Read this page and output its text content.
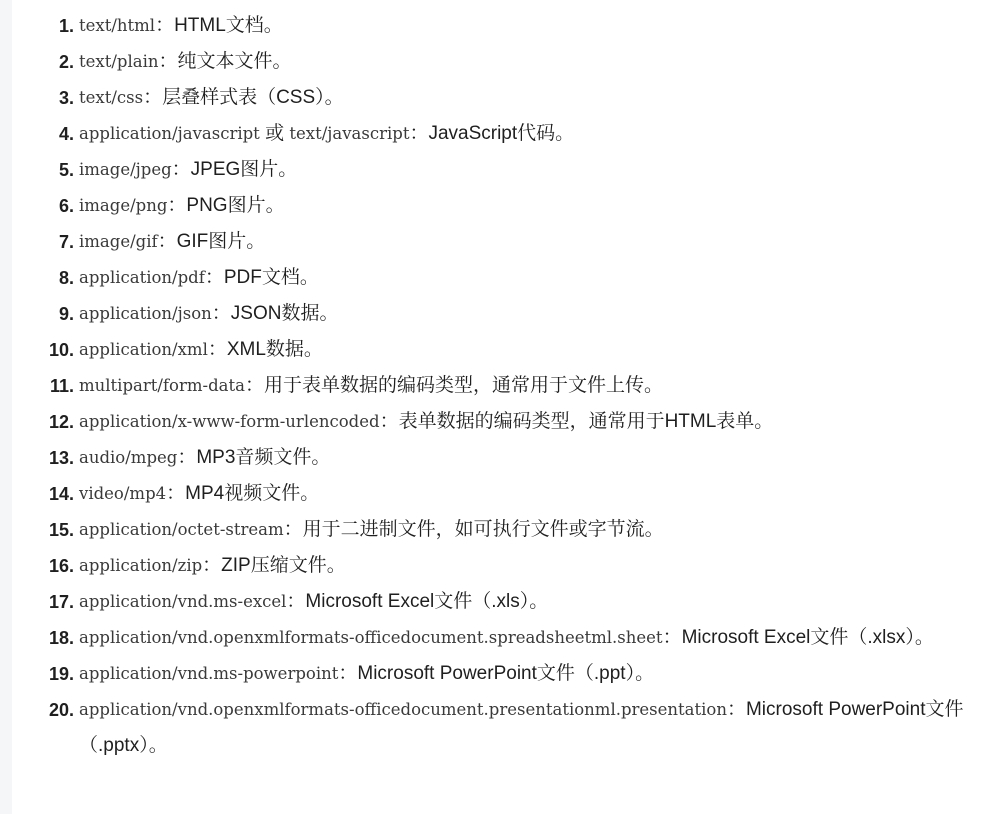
1. text/html：HTML文档。
2. text/plain：纯文本文件。
3. text/css：层叠样式表（CSS）。
4. application/javascript 或 text/javascript：JavaScript代码。
5. image/jpeg：JPEG图片。
6. image/png：PNG图片。
7. image/gif：GIF图片。
8. application/pdf：PDF文档。
9. application/json：JSON数据。
10. application/xml：XML数据。
11. multipart/form-data：用于表单数据的编码类型，通常用于文件上传。
12. application/x-www-form-urlencoded：表单数据的编码类型，通常用于HTML表单。
13. audio/mpeg：MP3音频文件。
14. video/mp4：MP4视频文件。
15. application/octet-stream：用于二进制文件，如可执行文件或字节流。
16. application/zip：ZIP压缩文件。
17. application/vnd.ms-excel：Microsoft Excel文件（.xls）。
18. application/vnd.openxmlformats-officedocument.spreadsheetml.sheet：Microsoft Excel文件（.xlsx）。
19. application/vnd.ms-powerpoint：Microsoft PowerPoint文件（.ppt）。
20. application/vnd.openxmlformats-officedocument.presentationml.presentation：Microsoft PowerPoint文件（.pptx）。
